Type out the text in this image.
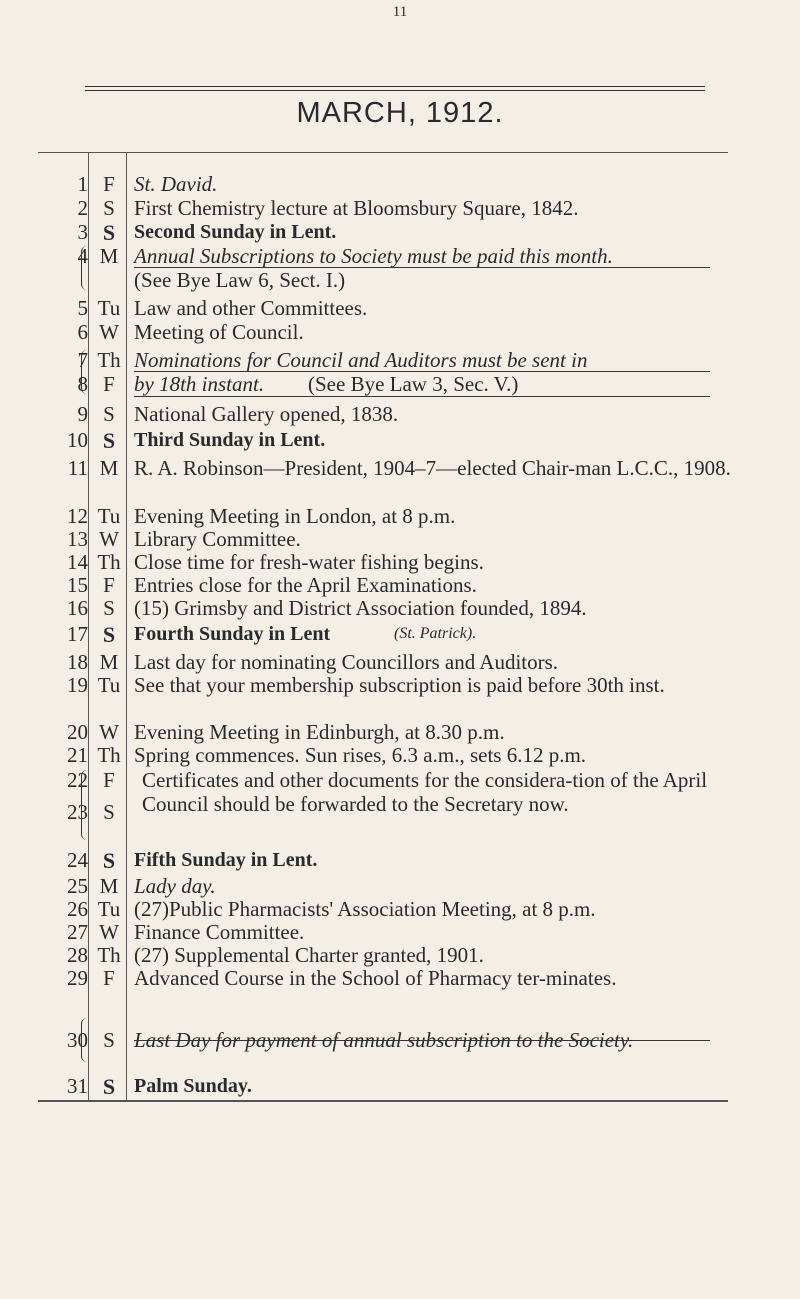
11
MARCH, 1912.
1 F St. David.
2 S First Chemistry lecture at Bloomsbury Square, 1842.
3 S Second Sunday in Lent.
4 M Annual Subscriptions to Society must be paid this month.
(See Bye Law 6, Sect. I.)
5 Tu Law and other Committees.
6 W Meeting of Council.
7 Th Nominations for Council and Auditors must be sent in
8 F by 18th instant.	(See Bye Law 3, Sec. V.)
9 S National Gallery opened, 1838.
10 S Third Sunday in Lent.
11 M R. A. Robinson—President, 1904–7—elected Chair-man L.C.C., 1908.
12 Tu Evening Meeting in London, at 8 p.m.
13 W Library Committee.
14 Th Close time for fresh-water fishing begins.
15 F Entries close for the April Examinations.
16 S (15) Grimsby and District Association founded, 1894.
17 S Fourth Sunday in Lent	(St. Patrick).
18 M Last day for nominating Councillors and Auditors.
19 Tu See that your membership subscription is paid before 30th inst.
20 W Evening Meeting in Edinburgh, at 8.30 p.m.
21 Th Spring commences. Sun rises, 6.3 a.m., sets 6.12 p.m.
22 F	Certificates and other documents for the considera-tion of the April Council should be forwarded to the Secretary now.
23 S
24 S Fifth Sunday in Lent.
25 M Lady day.
26 Tu (27)Public Pharmacists' Association Meeting, at 8 p.m.
27 W Finance Committee.
28 Th (27) Supplemental Charter granted, 1901.
29 F Advanced Course in the School of Pharmacy ter-minates.
30 S Last Day for payment of annual subscription to the Society.
31 S Palm Sunday.
